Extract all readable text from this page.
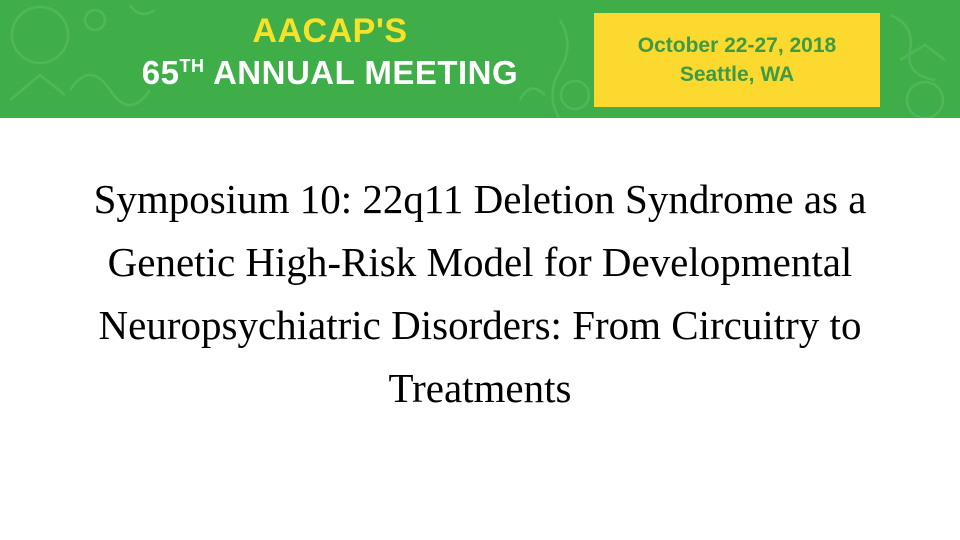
AACAP'S
65TH ANNUAL MEETING
October 22-27, 2018
Seattle, WA
Symposium 10: 22q11 Deletion Syndrome as a Genetic High-Risk Model for Developmental Neuropsychiatric Disorders: From Circuitry to Treatments
